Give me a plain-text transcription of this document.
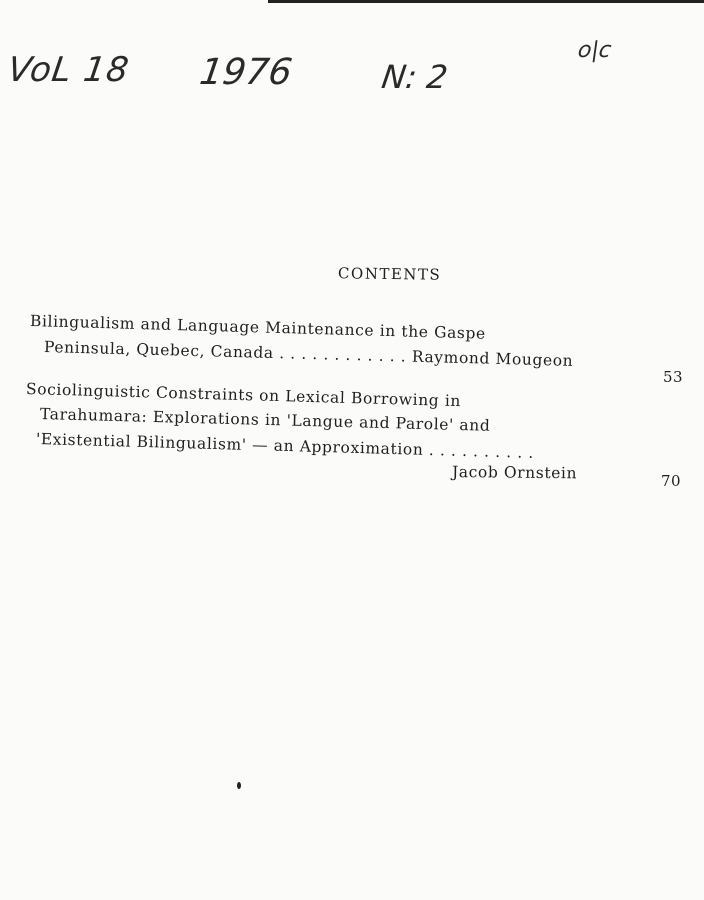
VoL 18 1976	N: 2
o|c
CONTENTS
Bilingualism and Language Maintenance in the Gaspe
Peninsula, Quebec, Canada . . . . . . . . . . . . Raymond Mougeon
53
Sociolinguistic Constraints on Lexical Borrowing in
Tarahumara: Explorations in 'Langue and Parole' and
'Existential Bilingualism' — an Approximation . . . . . . . . . .
Jacob Ornstein	70
